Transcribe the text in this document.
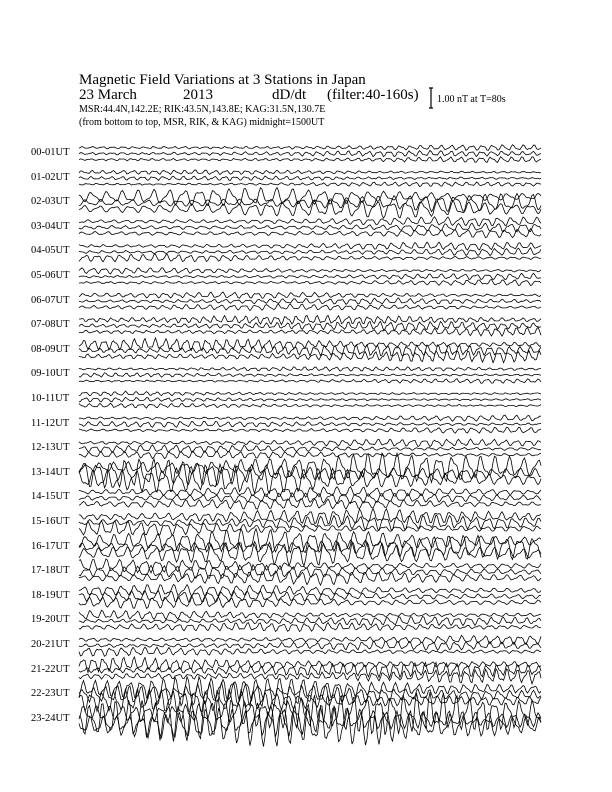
Magnetic Field Variations at 3 Stations in Japan
23 March	2013	dD/dt (filter:40-160s)
MSR:44.4N,142.2E; RIK:43.5N,143.8E; KAG:31.5N,130.7E
(from bottom to top, MSR, RIK, & KAG) midnight=1500UT
1.00 nT at T=80s
00-01UT
01-02UT
02-03UT
03-04UT
04-05UT
05-06UT
06-07UT
07-08UT
08-09UT
09-10UT
10-11UT
11-12UT
12-13UT
13-14UT
14-15UT
15-16UT
16-17UT
17-18UT
18-19UT
19-20UT
20-21UT
21-22UT
22-23UT
23-24UT
